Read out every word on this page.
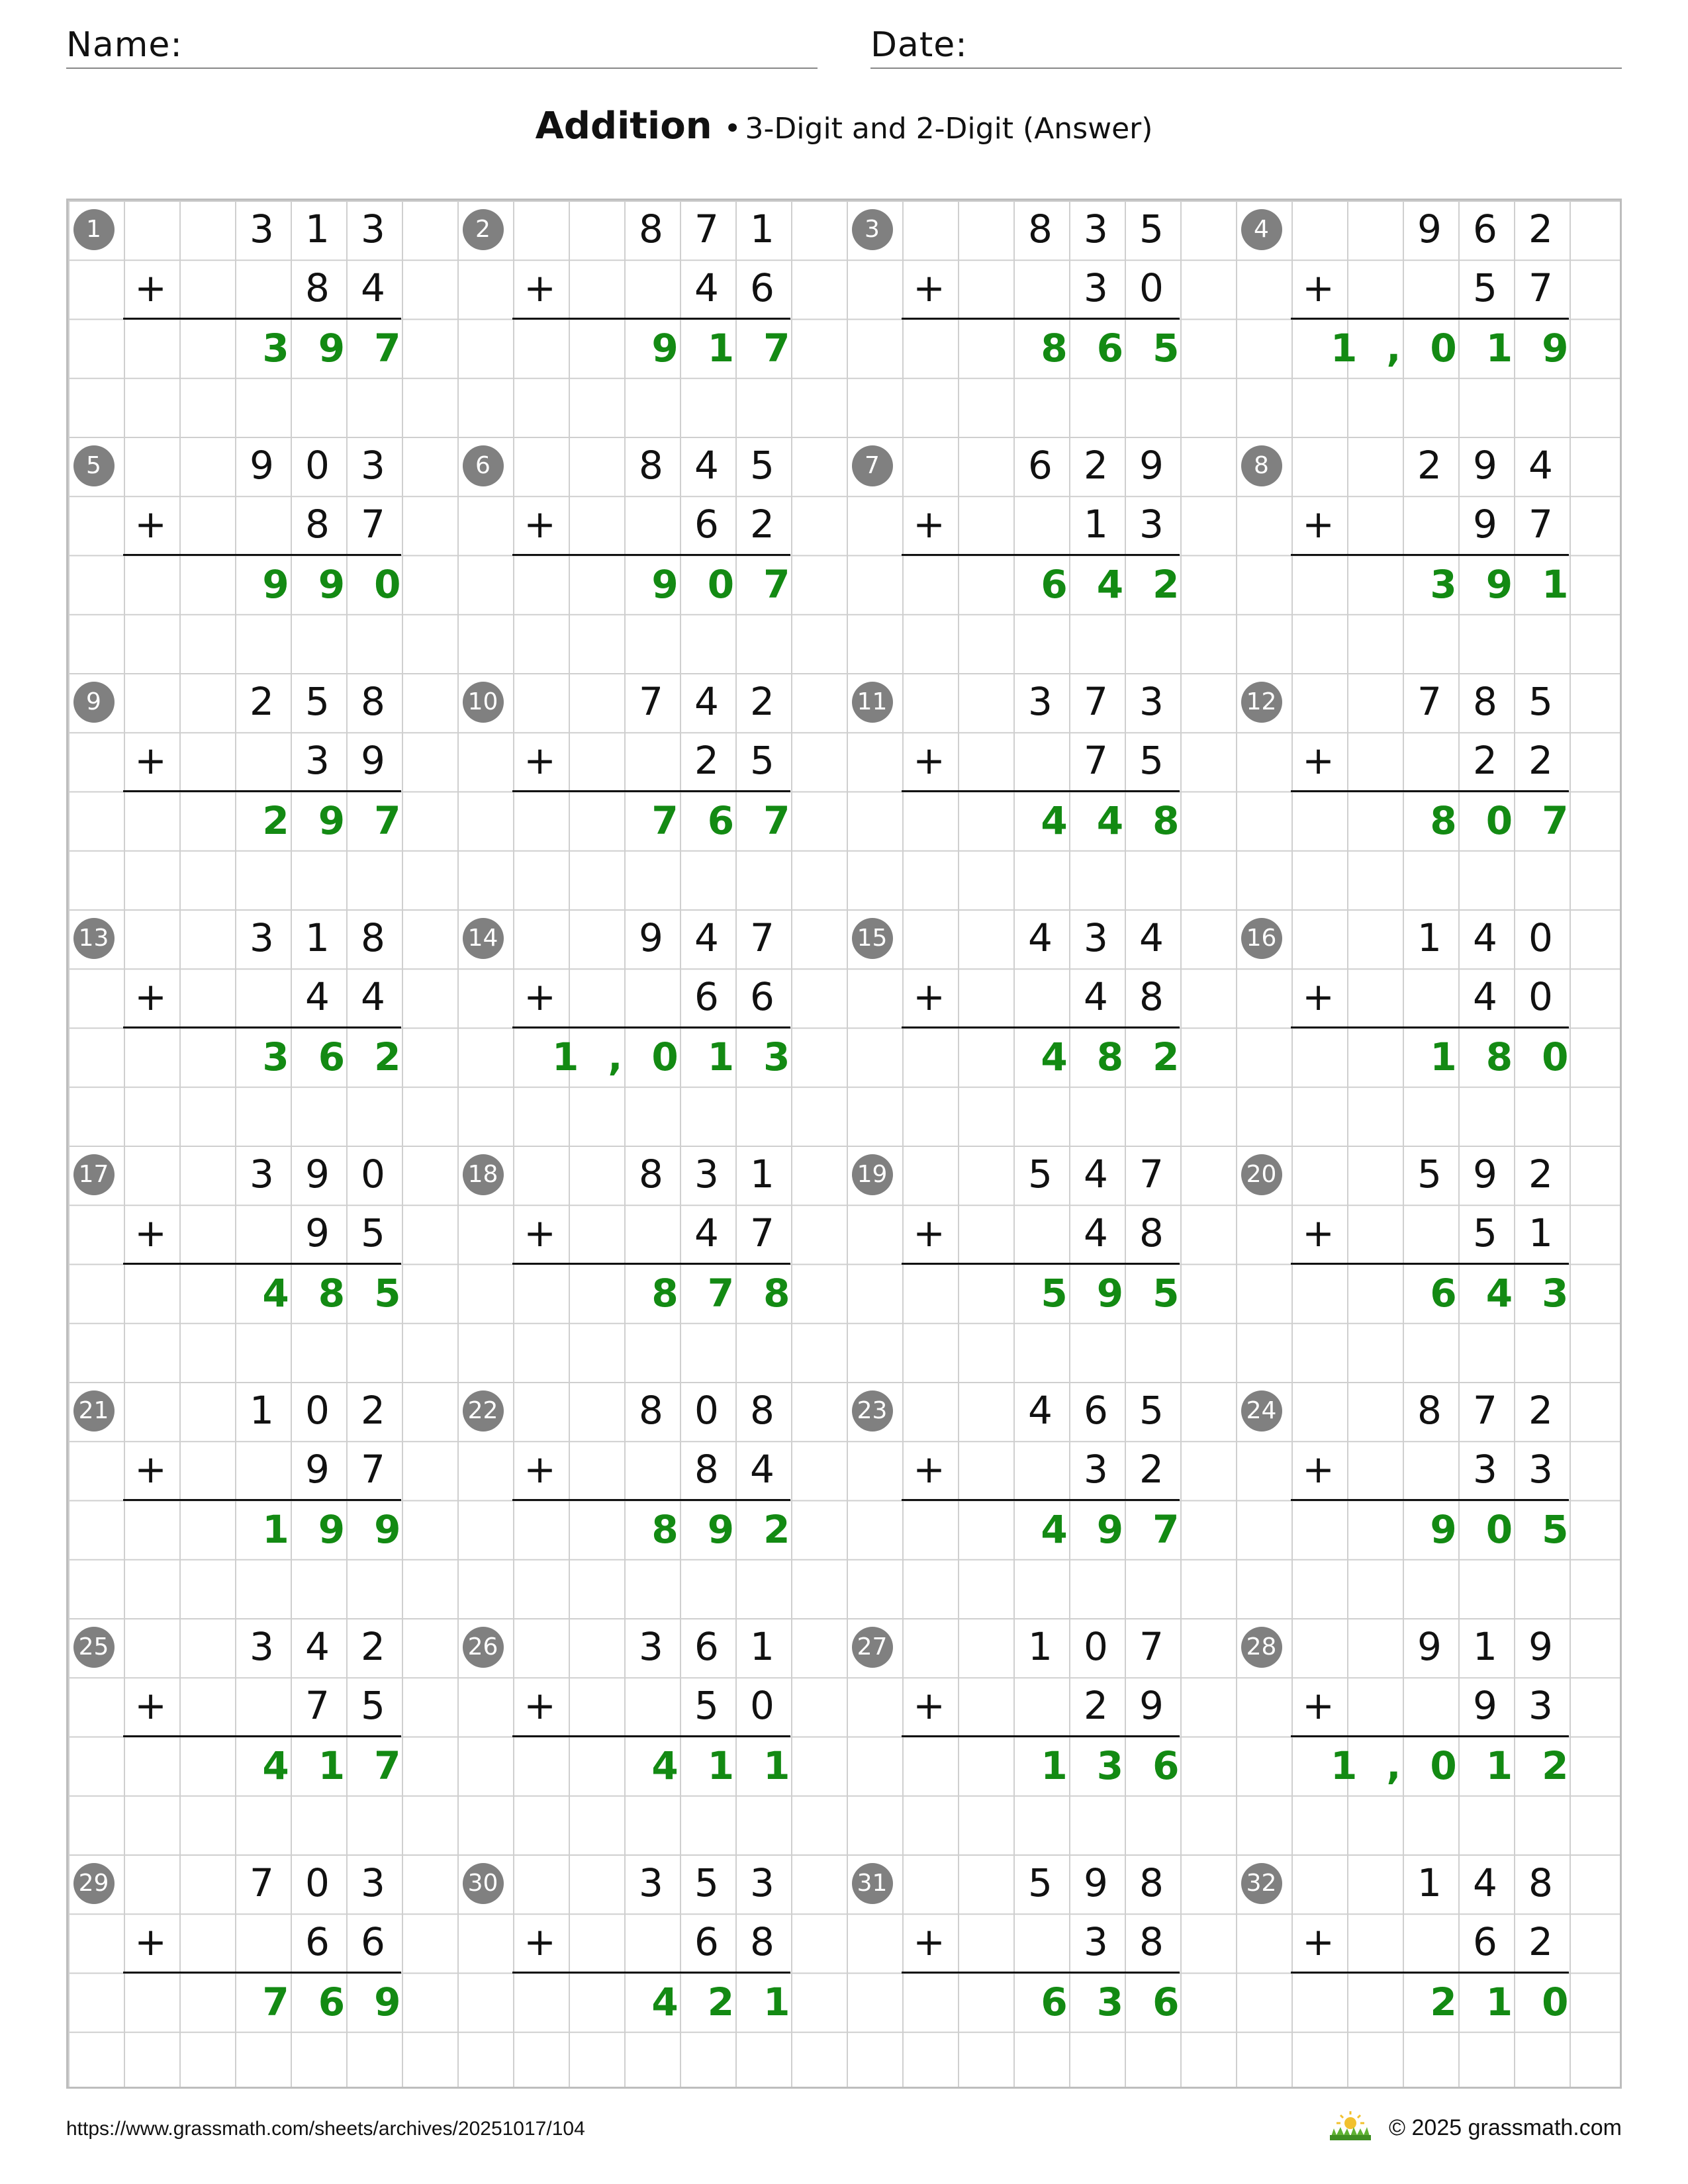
Name:	Date:
Addition • 3-Digit and 2-Digit (Answer)
1	3 1 3
+	8 4
397
2	8 7 1
+	4 6
917
3	8 3 5
+	3 0
865
4	9 6 2
+	5 7
1,019
5	9 0 3
+	8 7
990
6	8 4 5
+	6 2
907
7	6 2 9
+	1 3
642
8	2 9 4
+	9 7
391
9	2 5 8
+	3 9
297
10	7 4 2
+	2 5
767
11	3 7 3
+	7 5
448
12	7 8 5
+	2 2
807
13	3 1 8
+	4 4
362
14	9 4 7
+	6 6
1,013
15	4 3 4
+	4 8
482
16	1 4 0
+	4 0
180
17	3 9 0
+	9 5
485
18	8 3 1
+	4 7
878
19	5 4 7
+	4 8
595
20	5 9 2
+	5 1
643
21	1 0 2
+	9 7
199
22	8 0 8
+	8 4
892
23	4 6 5
+	3 2
497
24	8 7 2
+	3 3
905
25	3 4 2
+	7 5
417
26	3 6 1
+	5 0
411
27	1 0 7
+	2 9
136
28	9 1 9
+	9 3
1,012
29	7 0 3
+	6 6
769
30	3 5 3
+	6 8
421
31	5 9 8
+	3 8
636
32	1 4 8
+	6 2
210
https://www.grassmath.com/sheets/archives/20251017/104	© 2025 grassmath.com
